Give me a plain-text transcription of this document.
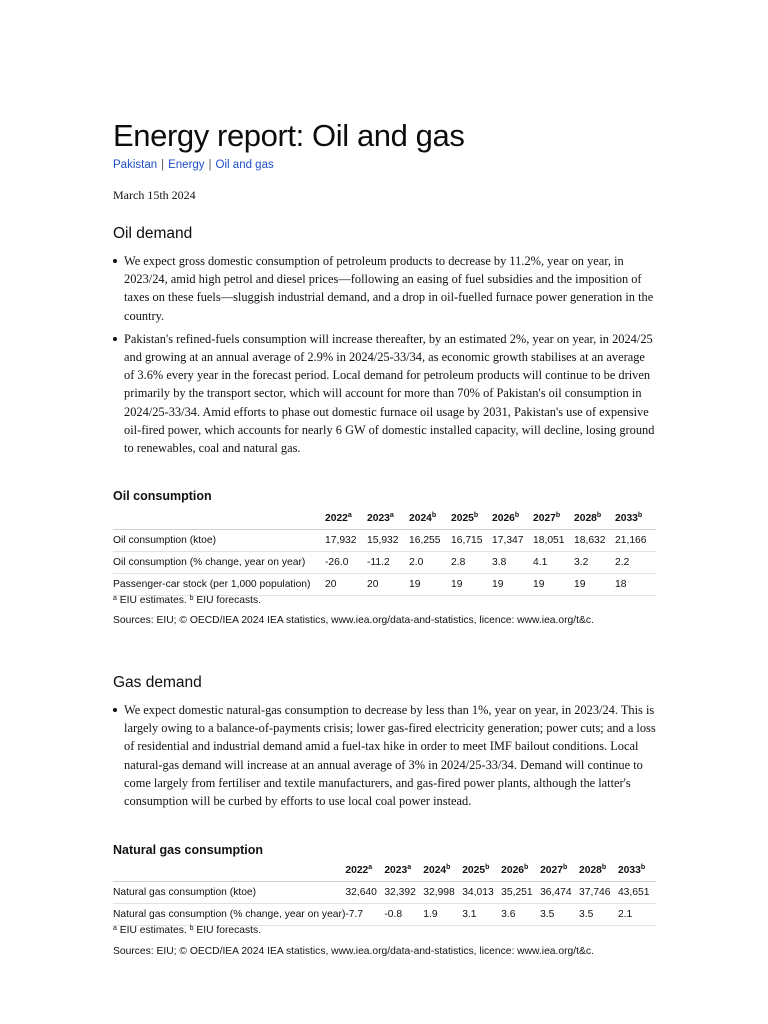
Energy report: Oil and gas
Pakistan | Energy | Oil and gas
March 15th 2024
Oil demand
We expect gross domestic consumption of petroleum products to decrease by 11.2%, year on year, in 2023/24, amid high petrol and diesel prices—following an easing of fuel subsidies and the imposition of taxes on these fuels—sluggish industrial demand, and a drop in oil-fuelled furnace power generation in the country.
Pakistan's refined-fuels consumption will increase thereafter, by an estimated 2%, year on year, in 2024/25 and growing at an annual average of 2.9% in 2024/25-33/34, as economic growth stabilises at an average of 3.6% every year in the forecast period. Local demand for petroleum products will continue to be driven primarily by the transport sector, which will account for more than 70% of Pakistan's oil consumption in 2024/25-33/34. Amid efforts to phase out domestic furnace oil usage by 2031, Pakistan's use of expensive oil-fired power, which accounts for nearly 6 GW of domestic installed capacity, will decline, losing ground to renewables, coal and natural gas.
Oil consumption
	2022$^a$	2023$^a$	2024$^b$	2025$^b$	2026$^b$	2027$^b$	2028$^b$	2033$^b$
Oil consumption (ktoe)	17,932	15,932	16,255	16,715	17,347	18,051	18,632	21,166
Oil consumption (% change, year on year)	-26.0	-11.2	2.0	2.8	3.8	4.1	3.2	2.2
Passenger-car stock (per 1,000 population)	20	20	19	19	19	19	19	18
$^a$ EIU estimates. $^b$ EIU forecasts.
Sources: EIU; © OECD/IEA 2024 IEA statistics, www.iea.org/data-and-statistics, licence: www.iea.org/t&c.
Gas demand
We expect domestic natural-gas consumption to decrease by less than 1%, year on year, in 2023/24. This is largely owing to a balance-of-payments crisis; lower gas-fired electricity generation; power cuts; and a loss of residential and industrial demand amid a fuel-tax hike in order to meet IMF bailout conditions. Local natural-gas demand will increase at an annual average of 3% in 2024/25-33/34. Demand will continue to come largely from fertiliser and textile manufacturers, and gas-fired power plants, although the latter's consumption will be curbed by efforts to use local coal power instead.
Natural gas consumption
	2022$^a$	2023$^a$	2024$^b$	2025$^b$	2026$^b$	2027$^b$	2028$^b$	2033$^b$
Natural gas consumption (ktoe)	32,640	32,392	32,998	34,013	35,251	36,474	37,746	43,651
Natural gas consumption (% change, year on year)	-7.7	-0.8	1.9	3.1	3.6	3.5	3.5	2.1
$^a$ EIU estimates. $^b$ EIU forecasts.
Sources: EIU; © OECD/IEA 2024 IEA statistics, www.iea.org/data-and-statistics, licence: www.iea.org/t&c.
